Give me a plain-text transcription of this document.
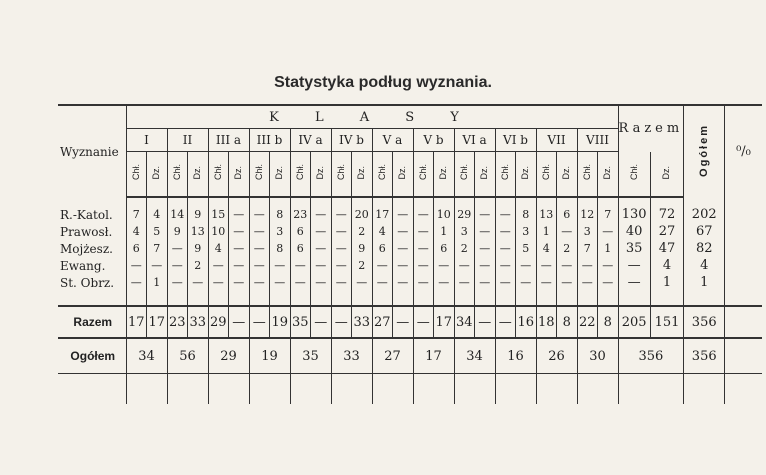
Statystyka podług wyznania.
Wyznanie	K L A S Y																								Razem		Ogółem	⁰/₀
	I		II		III a		III b		IV a		IV b		V a		V b		VI a		VI b		VII		VIII					
	Chł.	Dz.	Chł.	Dz.	Chł.	Dz.	Chł.	Dz.	Chł.	Dz.	Chł.	Dz.	Chł.	Dz.	Chł.	Dz.	Chł.	Dz.	Chł.	Dz.	Chł.	Dz.	Chł.	Dz.	Chł.	Dz.		

R.-Katol.	7	4	14	9	15	—	—	8	23	—	—	20	17	—	—	10	29	—	—	8	13	6	12	7	130	72	202	
Prawosł.	4	5	9	13	10	—	—	3	6	—	—	2	4	—	—	1	3	—	—	3	1	—	3	—	40	27	67	
Mojżesz.	6	7	—	9	4	—	—	8	6	—	—	9	6	—	—	6	2	—	—	5	4	2	7	1	35	47	82	
Ewang.	—	—	—	2	—	—	—	—	—	—	—	2	—	—	—	—	—	—	—	—	—	—	—	—	—	4	4	
St. Obrz.	—	1	—	—	—	—	—	—	—	—	—	—	—	—	—	—	—	—	—	—	—	—	—	—	—	1	1	

Razem	17	17	23	33	29	—	—	19	35	—	—	33	27	—	—	17	34	—	—	16	18	8	22	8	205	151	356	
Ogółem	34		56		29		19		35		33		27		17		34		16		26		30		356		356	
